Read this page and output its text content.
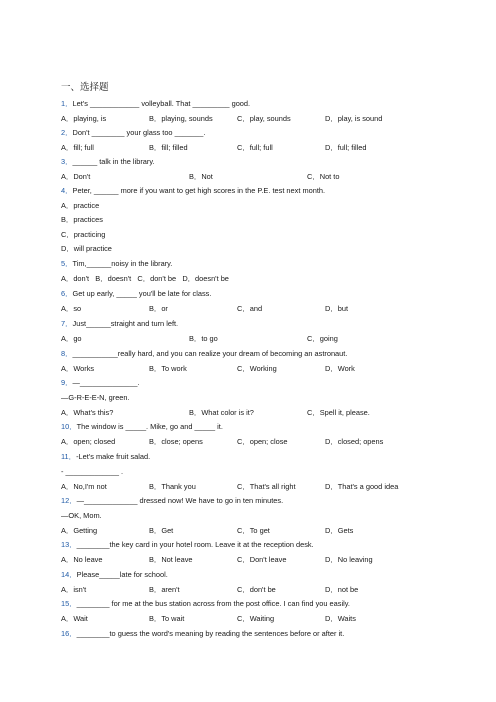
一、选择题
1．Let's ____________ volleyball. That _________ good.
A．playing, is	B．playing, sounds	C．play, sounds	D．play, is sound
2．Don't ________ your glass too _______.
A．fill; full	B．fill; filled	C．full; full	D．full; filled
3．______ talk in the library.
A．Don't	B．Not	C．Not to
4．Peter, ______ more if you want to get high scores in the P.E. test next month.
A．practice
B．practices
C．practicing
D．will practice
5．Tim,______noisy in the library.
A．don't   B．doesn't   C．don't be   D．doesn't be
6．Get up early, _____ you'll be late for class.
A．so	B．or	C．and	D．but
7．Just______straight and turn left.
A．go	B．to go	C．going
8．___________really hard, and you can realize your dream of becoming an astronaut.
A．Works	B．To work	C．Working	D．Work
9．—______________.
—G-R-E-E-N, green.
A．What's this?	B．What color is it?	C．Spell it, please.
10．The window is _____. Mike, go and _____ it.
A．open; closed	B．close; opens	C．open; close	D．closed; opens
11．-Let's make fruit salad.
- _____________ .
A．No,I'm not	B．Thank you	C．That's all right	D．That's a good idea
12．—_____________ dressed now! We have to go in ten minutes.
—OK, Mom.
A．Getting	B．Get	C．To get	D．Gets
13．________the key card in your hotel room. Leave it at the reception desk.
A．No leave	B．Not leave	C．Don't leave	D．No leaving
14．Please_____late for school.
A．isn't	B．aren't	C．don't be	D．not be
15．________ for me at the bus station across from the post office. I can find you easily.
A．Wait	B．To wait	C．Waiting	D．Waits
16．________to guess the word's meaning by reading the sentences before or after it.
